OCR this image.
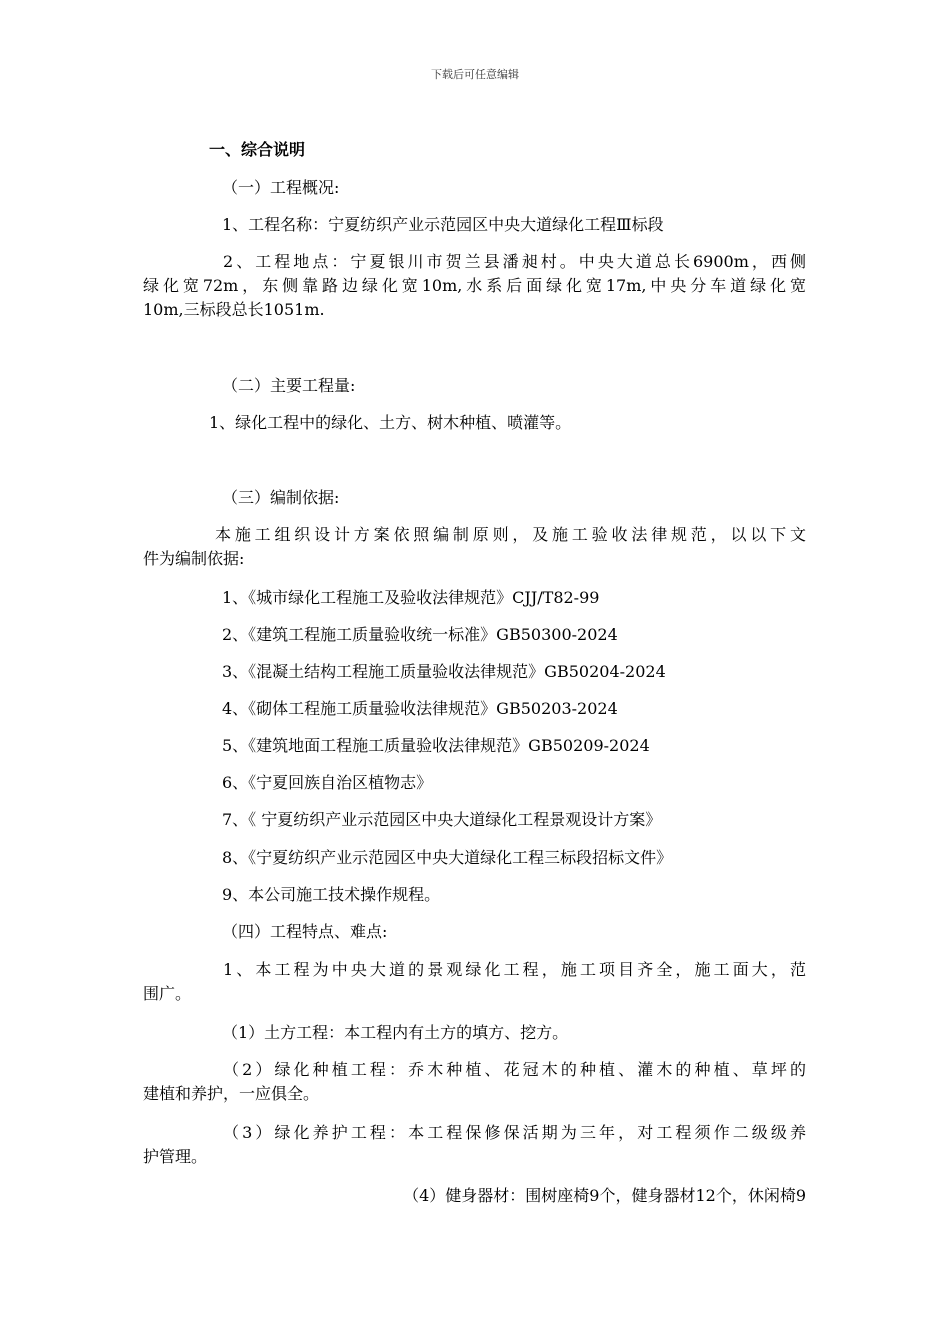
下载后可任意编辑
一、综合说明
（一）工程概况:
1、工程名称：宁夏纺织产业示范园区中央大道绿化工程Ⅲ标段
2、工程地点：宁夏银川市贺兰县潘昶村。中央大道总长6900m，西侧
绿化宽72m，东侧靠路边绿化宽10m,水系后面绿化宽17m,中央分车道绿化宽
10m,三标段总长1051m.
（二）主要工程量:
1、绿化工程中的绿化、土方、树木种植、喷灌等。
（三）编制依据:
本施工组织设计方案依照编制原则，及施工验收法律规范，以以下文
件为编制依据:
1、《城市绿化工程施工及验收法律规范》CJJ/T82-99
2、《建筑工程施工质量验收统一标准》GB50300-2024
3、《混凝土结构工程施工质量验收法律规范》GB50204-2024
4、《砌体工程施工质量验收法律规范》GB50203-2024
5、《建筑地面工程施工质量验收法律规范》GB50209-2024
6、《宁夏回族自治区植物志》
7、《 宁夏纺织产业示范园区中央大道绿化工程景观设计方案》
8、《宁夏纺织产业示范园区中央大道绿化工程三标段招标文件》
9、本公司施工技术操作规程。
（四）工程特点、难点:
1、本工程为中央大道的景观绿化工程，施工项目齐全，施工面大，范
围广。
（1）土方工程：本工程内有土方的填方、挖方。
（2）绿化种植工程：乔木种植、花冠木的种植、灌木的种植、草坪的
建植和养护，一应俱全。
（3）绿化养护工程：本工程保修保活期为三年，对工程须作二级级养
护管理。
（4）健身器材：围树座椅9个，健身器材12个，休闲椅9
